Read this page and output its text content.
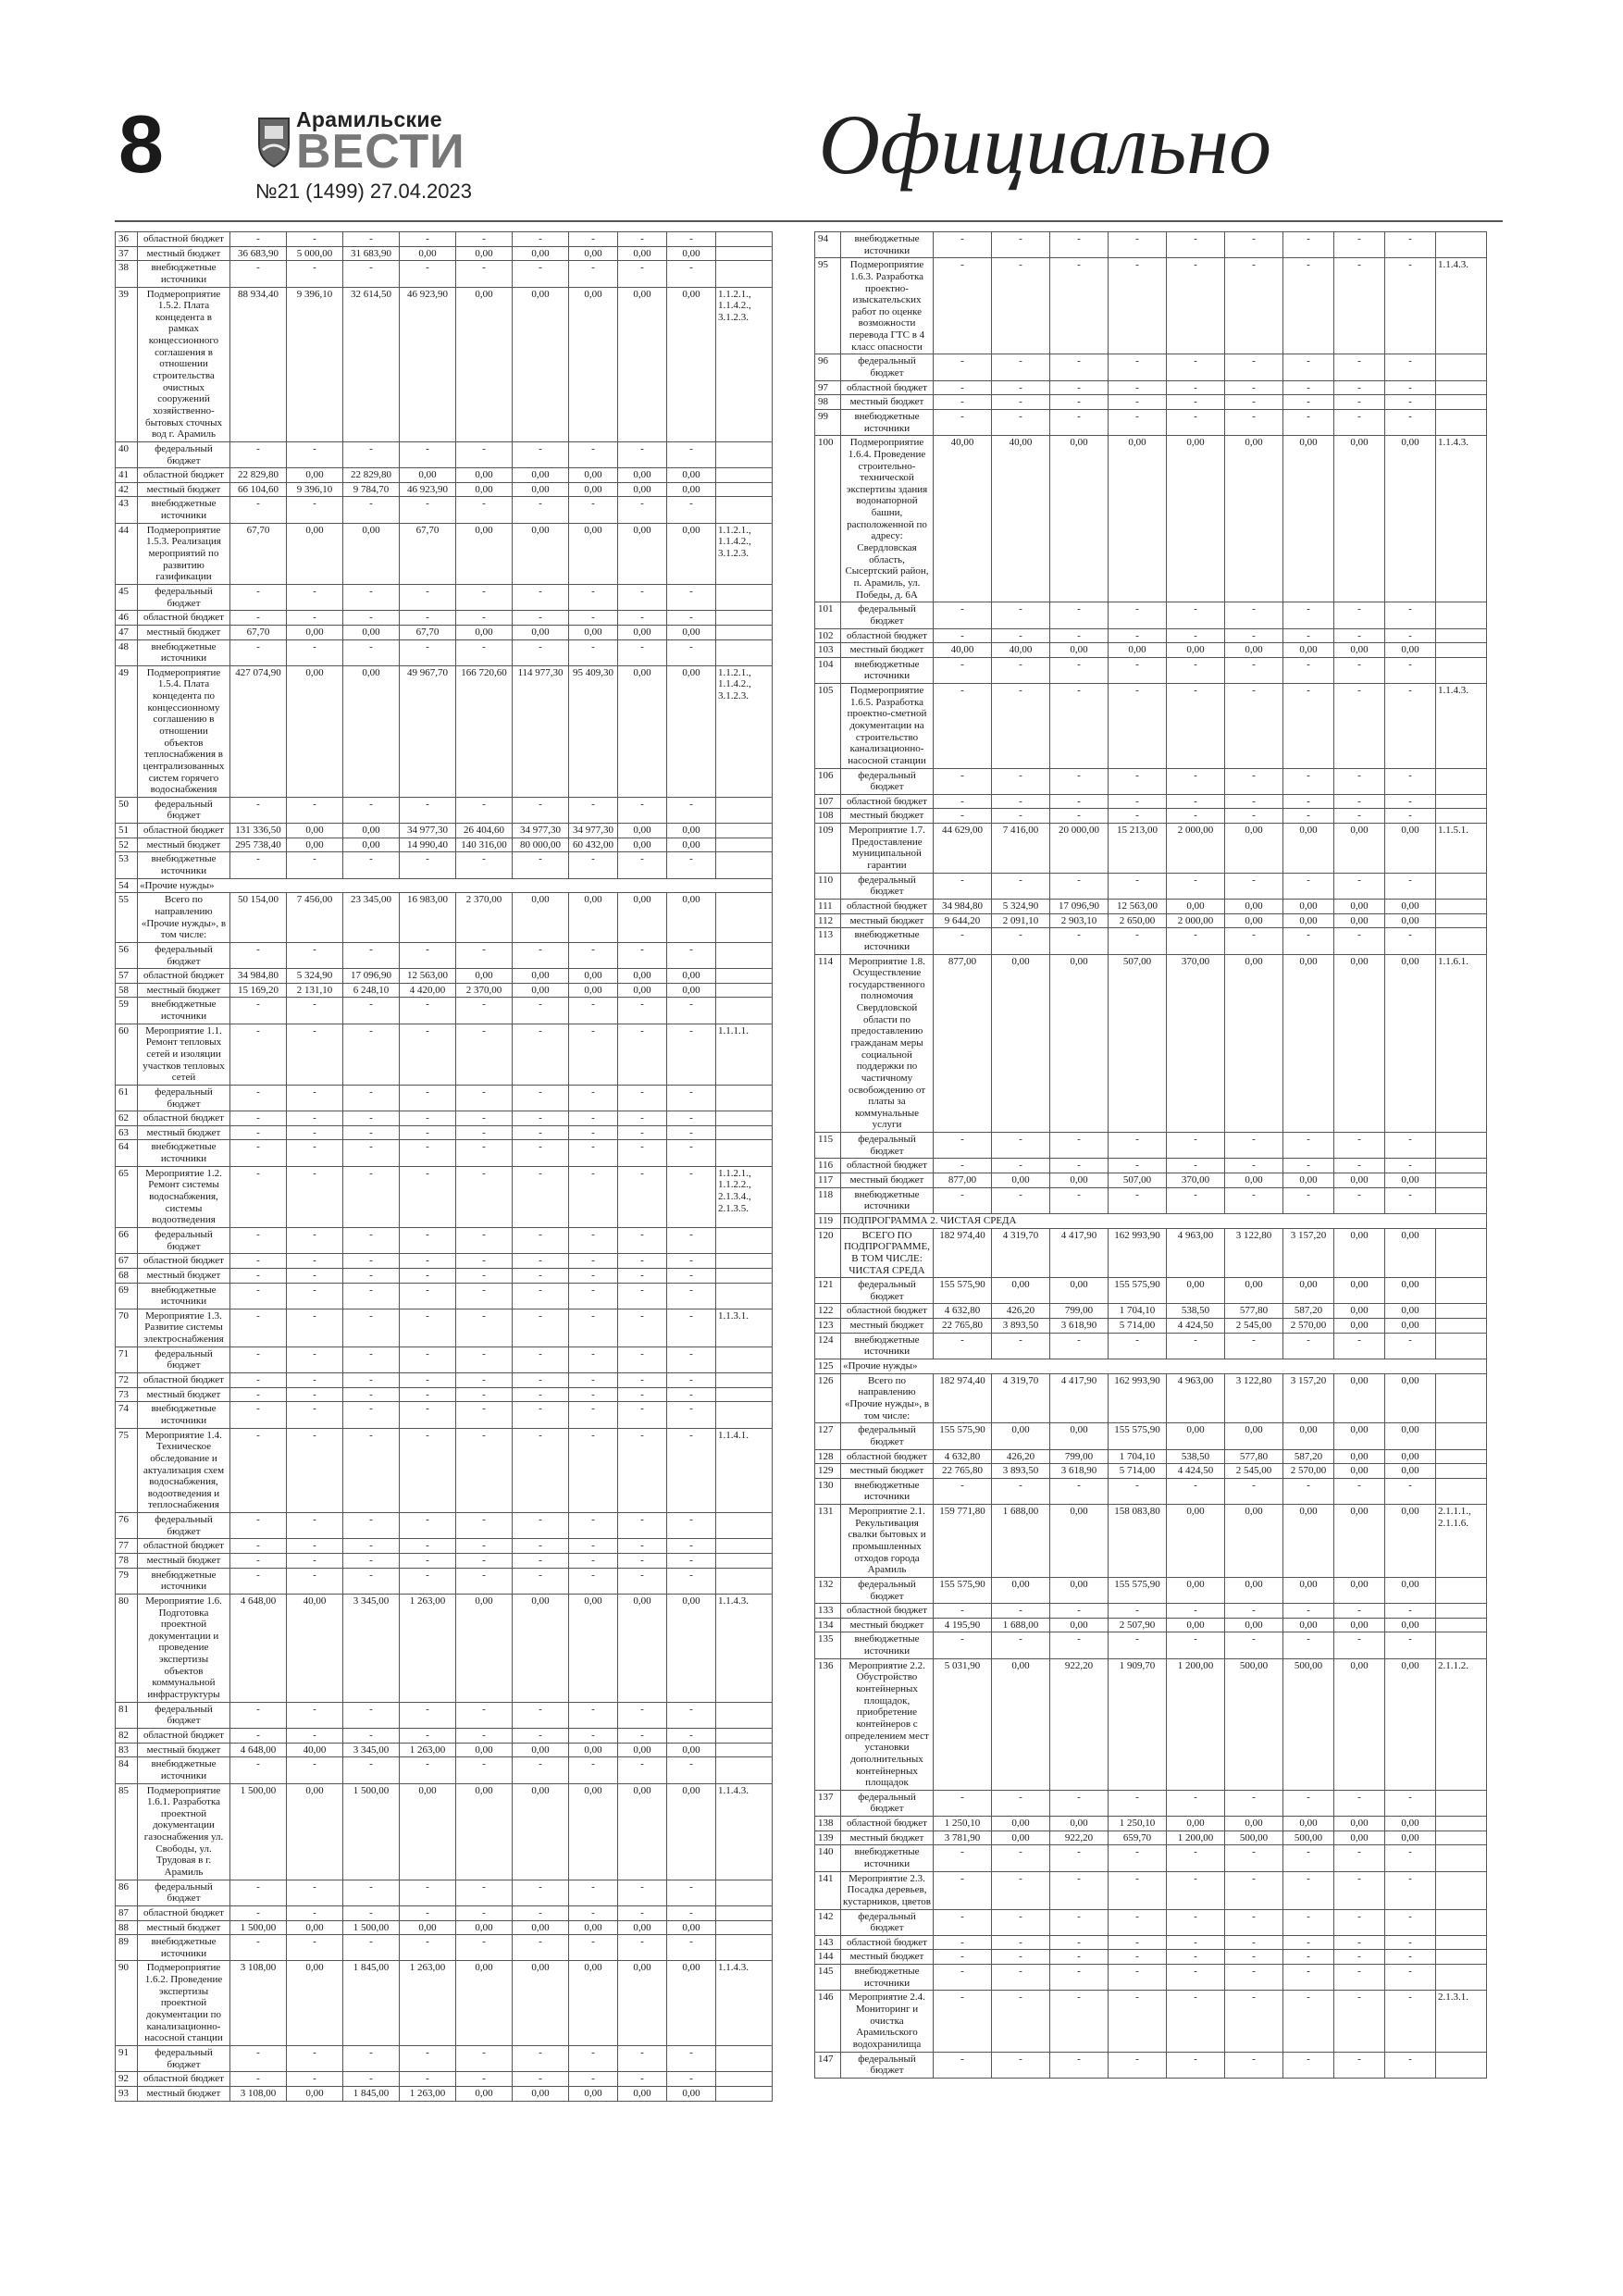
8	Арамильские
ВЕСТИ
№21 (1499) 27.04.2023	Официально
36	областной бюджет	-	-	-	-	-	-	-	-	-	
37	местный бюджет	36 683,90	5 000,00	31 683,90	0,00	0,00	0,00	0,00	0,00	0,00	
38	внебюджетные источники	-	-	-	-	-	-	-	-	-	
39	Подмероприятие 1.5.2. Плата концедента в рамках концессионного соглашения в отношении строительства очистных сооружений хозяйственно-бытовых сточных вод г. Арамиль	88 934,40	9 396,10	32 614,50	46 923,90	0,00	0,00	0,00	0,00	0,00	1.1.2.1., 1.1.4.2., 3.1.2.3.
40	федеральный бюджет	-	-	-	-	-	-	-	-	-	
41	областной бюджет	22 829,80	0,00	22 829,80	0,00	0,00	0,00	0,00	0,00	0,00	
42	местный бюджет	66 104,60	9 396,10	9 784,70	46 923,90	0,00	0,00	0,00	0,00	0,00	
43	внебюджетные источники	-	-	-	-	-	-	-	-	-	
44	Подмероприятие 1.5.3. Реализация мероприятий по развитию газификации	67,70	0,00	0,00	67,70	0,00	0,00	0,00	0,00	0,00	1.1.2.1., 1.1.4.2., 3.1.2.3.
45	федеральный бюджет	-	-	-	-	-	-	-	-	-	
46	областной бюджет	-	-	-	-	-	-	-	-	-	
47	местный бюджет	67,70	0,00	0,00	67,70	0,00	0,00	0,00	0,00	0,00	
48	внебюджетные источники	-	-	-	-	-	-	-	-	-	
49	Подмероприятие 1.5.4. Плата концедента по концессионному соглашению в отношении объектов теплоснабжения в централизованных систем горячего водоснабжения	427 074,90	0,00	0,00	49 967,70	166 720,60	114 977,30	95 409,30	0,00	0,00	1.1.2.1., 1.1.4.2., 3.1.2.3.
50	федеральный бюджет	-	-	-	-	-	-	-	-	-	
51	областной бюджет	131 336,50	0,00	0,00	34 977,30	26 404,60	34 977,30	34 977,30	0,00	0,00	
52	местный бюджет	295 738,40	0,00	0,00	14 990,40	140 316,00	80 000,00	60 432,00	0,00	0,00	
53	внебюджетные источники	-	-	-	-	-	-	-	-	-	
54	«Прочие нужды»										
55	Всего по направлению «Прочие нужды», в том числе:	50 154,00	7 456,00	23 345,00	16 983,00	2 370,00	0,00	0,00	0,00	0,00	
56	федеральный бюджет	-	-	-	-	-	-	-	-	-	
57	областной бюджет	34 984,80	5 324,90	17 096,90	12 563,00	0,00	0,00	0,00	0,00	0,00	
58	местный бюджет	15 169,20	2 131,10	6 248,10	4 420,00	2 370,00	0,00	0,00	0,00	0,00	
59	внебюджетные источники	-	-	-	-	-	-	-	-	-	
60	Мероприятие 1.1. Ремонт тепловых сетей и изоляции участков тепловых сетей	-	-	-	-	-	-	-	-	-	1.1.1.1.
61	федеральный бюджет	-	-	-	-	-	-	-	-	-	
62	областной бюджет	-	-	-	-	-	-	-	-	-	
63	местный бюджет	-	-	-	-	-	-	-	-	-	
64	внебюджетные источники	-	-	-	-	-	-	-	-	-	
65	Мероприятие 1.2. Ремонт системы водоснабжения, системы водоотведения	-	-	-	-	-	-	-	-	-	1.1.2.1., 1.1.2.2., 2.1.3.4., 2.1.3.5.
66	федеральный бюджет	-	-	-	-	-	-	-	-	-	
67	областной бюджет	-	-	-	-	-	-	-	-	-	
68	местный бюджет	-	-	-	-	-	-	-	-	-	
69	внебюджетные источники	-	-	-	-	-	-	-	-	-	
70	Мероприятие 1.3. Развитие системы электроснабжения	-	-	-	-	-	-	-	-	-	1.1.3.1.
71	федеральный бюджет	-	-	-	-	-	-	-	-	-	
72	областной бюджет	-	-	-	-	-	-	-	-	-	
73	местный бюджет	-	-	-	-	-	-	-	-	-	
74	внебюджетные источники	-	-	-	-	-	-	-	-	-	
75	Мероприятие 1.4. Техническое обследование и актуализация схем водоснабжения, водоотведения и теплоснабжения	-	-	-	-	-	-	-	-	-	1.1.4.1.
76	федеральный бюджет	-	-	-	-	-	-	-	-	-	
77	областной бюджет	-	-	-	-	-	-	-	-	-	
78	местный бюджет	-	-	-	-	-	-	-	-	-	
79	внебюджетные источники	-	-	-	-	-	-	-	-	-	
80	Мероприятие 1.6. Подготовка проектной документации и проведение экспертизы объектов коммунальной инфраструктуры	4 648,00	40,00	3 345,00	1 263,00	0,00	0,00	0,00	0,00	0,00	1.1.4.3.
81	федеральный бюджет	-	-	-	-	-	-	-	-	-	
82	областной бюджет	-	-	-	-	-	-	-	-	-	
83	местный бюджет	4 648,00	40,00	3 345,00	1 263,00	0,00	0,00	0,00	0,00	0,00	
84	внебюджетные источники	-	-	-	-	-	-	-	-	-	
85	Подмероприятие 1.6.1. Разработка проектной документации газоснабжения ул. Свободы, ул. Трудовая в г. Арамиль	1 500,00	0,00	1 500,00	0,00	0,00	0,00	0,00	0,00	0,00	1.1.4.3.
86	федеральный бюджет	-	-	-	-	-	-	-	-	-	
87	областной бюджет	-	-	-	-	-	-	-	-	-	
88	местный бюджет	1 500,00	0,00	1 500,00	0,00	0,00	0,00	0,00	0,00	0,00	
89	внебюджетные источники	-	-	-	-	-	-	-	-	-	
90	Подмероприятие 1.6.2. Проведение экспертизы проектной документации по канализационно-насосной станции	3 108,00	0,00	1 845,00	1 263,00	0,00	0,00	0,00	0,00	0,00	1.1.4.3.
91	федеральный бюджет	-	-	-	-	-	-	-	-	-	
92	областной бюджет	-	-	-	-	-	-	-	-	-	
93	местный бюджет	3 108,00	0,00	1 845,00	1 263,00	0,00	0,00	0,00	0,00	0,00	
94	внебюджетные источники	-	-	-	-	-	-	-	-	-	
95	Подмероприятие 1.6.3. Разработка проектно-изыскательских работ по оценке возможности перевода ГТС в 4 класс опасности	-	-	-	-	-	-	-	-	-	1.1.4.3.
96	федеральный бюджет	-	-	-	-	-	-	-	-	-	
97	областной бюджет	-	-	-	-	-	-	-	-	-	
98	местный бюджет	-	-	-	-	-	-	-	-	-	
99	внебюджетные источники	-	-	-	-	-	-	-	-	-	
100	Подмероприятие 1.6.4. Проведение строительно-технической экспертизы здания водонапорной башни, расположенной по адресу: Свердловская область, Сысертский район, п. Арамиль, ул. Победы, д. 6А	40,00	40,00	0,00	0,00	0,00	0,00	0,00	0,00	0,00	1.1.4.3.
101	федеральный бюджет	-	-	-	-	-	-	-	-	-	
102	областной бюджет	-	-	-	-	-	-	-	-	-	
103	местный бюджет	40,00	40,00	0,00	0,00	0,00	0,00	0,00	0,00	0,00	
104	внебюджетные источники	-	-	-	-	-	-	-	-	-	
105	Подмероприятие 1.6.5. Разработка проектно-сметной документации на строительство канализационно-насосной станции	-	-	-	-	-	-	-	-	-	1.1.4.3.
106	федеральный бюджет	-	-	-	-	-	-	-	-	-	
107	областной бюджет	-	-	-	-	-	-	-	-	-	
108	местный бюджет	-	-	-	-	-	-	-	-	-	
109	Мероприятие 1.7. Предоставление муниципальной гарантии	44 629,00	7 416,00	20 000,00	15 213,00	2 000,00	0,00	0,00	0,00	0,00	1.1.5.1.
110	федеральный бюджет	-	-	-	-	-	-	-	-	-	
111	областной бюджет	34 984,80	5 324,90	17 096,90	12 563,00	0,00	0,00	0,00	0,00	0,00	
112	местный бюджет	9 644,20	2 091,10	2 903,10	2 650,00	2 000,00	0,00	0,00	0,00	0,00	
113	внебюджетные источники	-	-	-	-	-	-	-	-	-	
114	Мероприятие 1.8. Осуществление государственного полномочия Свердловской области по предоставлению гражданам меры социальной поддержки по частичному освобождению от платы за коммунальные услуги	877,00	0,00	0,00	507,00	370,00	0,00	0,00	0,00	0,00	1.1.6.1.
115	федеральный бюджет	-	-	-	-	-	-	-	-	-	
116	областной бюджет	-	-	-	-	-	-	-	-	-	
117	местный бюджет	877,00	0,00	0,00	507,00	370,00	0,00	0,00	0,00	0,00	
118	внебюджетные источники	-	-	-	-	-	-	-	-	-	
119	ПОДПРОГРАММА 2. ЧИСТАЯ СРЕДА										
120	ВСЕГО ПО ПОДПРОГРАММЕ, В ТОМ ЧИСЛЕ: ЧИСТАЯ СРЕДА	182 974,40	4 319,70	4 417,90	162 993,90	4 963,00	3 122,80	3 157,20	0,00	0,00	
121	федеральный бюджет	155 575,90	0,00	0,00	155 575,90	0,00	0,00	0,00	0,00	0,00	
122	областной бюджет	4 632,80	426,20	799,00	1 704,10	538,50	577,80	587,20	0,00	0,00	
123	местный бюджет	22 765,80	3 893,50	3 618,90	5 714,00	4 424,50	2 545,00	2 570,00	0,00	0,00	
124	внебюджетные источники	-	-	-	-	-	-	-	-	-	
125	«Прочие нужды»										
126	Всего по направлению «Прочие нужды», в том числе:	182 974,40	4 319,70	4 417,90	162 993,90	4 963,00	3 122,80	3 157,20	0,00	0,00	
127	федеральный бюджет	155 575,90	0,00	0,00	155 575,90	0,00	0,00	0,00	0,00	0,00	
128	областной бюджет	4 632,80	426,20	799,00	1 704,10	538,50	577,80	587,20	0,00	0,00	
129	местный бюджет	22 765,80	3 893,50	3 618,90	5 714,00	4 424,50	2 545,00	2 570,00	0,00	0,00	
130	внебюджетные источники	-	-	-	-	-	-	-	-	-	
131	Мероприятие 2.1. Рекультивация свалки бытовых и промышленных отходов города Арамиль	159 771,80	1 688,00	0,00	158 083,80	0,00	0,00	0,00	0,00	0,00	2.1.1.1., 2.1.1.6.
132	федеральный бюджет	155 575,90	0,00	0,00	155 575,90	0,00	0,00	0,00	0,00	0,00	
133	областной бюджет	-	-	-	-	-	-	-	-	-	
134	местный бюджет	4 195,90	1 688,00	0,00	2 507,90	0,00	0,00	0,00	0,00	0,00	
135	внебюджетные источники	-	-	-	-	-	-	-	-	-	
136	Мероприятие 2.2. Обустройство контейнерных площадок, приобретение контейнеров с определением мест установки дополнительных контейнерных площадок	5 031,90	0,00	922,20	1 909,70	1 200,00	500,00	500,00	0,00	0,00	2.1.1.2.
137	федеральный бюджет	-	-	-	-	-	-	-	-	-	
138	областной бюджет	1 250,10	0,00	0,00	1 250,10	0,00	0,00	0,00	0,00	0,00	
139	местный бюджет	3 781,90	0,00	922,20	659,70	1 200,00	500,00	500,00	0,00	0,00	
140	внебюджетные источники	-	-	-	-	-	-	-	-	-	
141	Мероприятие 2.3. Посадка деревьев, кустарников, цветов	-	-	-	-	-	-	-	-	-	
142	федеральный бюджет	-	-	-	-	-	-	-	-	-	
143	областной бюджет	-	-	-	-	-	-	-	-	-	
144	местный бюджет	-	-	-	-	-	-	-	-	-	
145	внебюджетные источники	-	-	-	-	-	-	-	-	-	
146	Мероприятие 2.4. Мониторинг и очистка Арамильского водохранилища	-	-	-	-	-	-	-	-	-	2.1.3.1.
147	федеральный бюджет	-	-	-	-	-	-	-	-	-	
